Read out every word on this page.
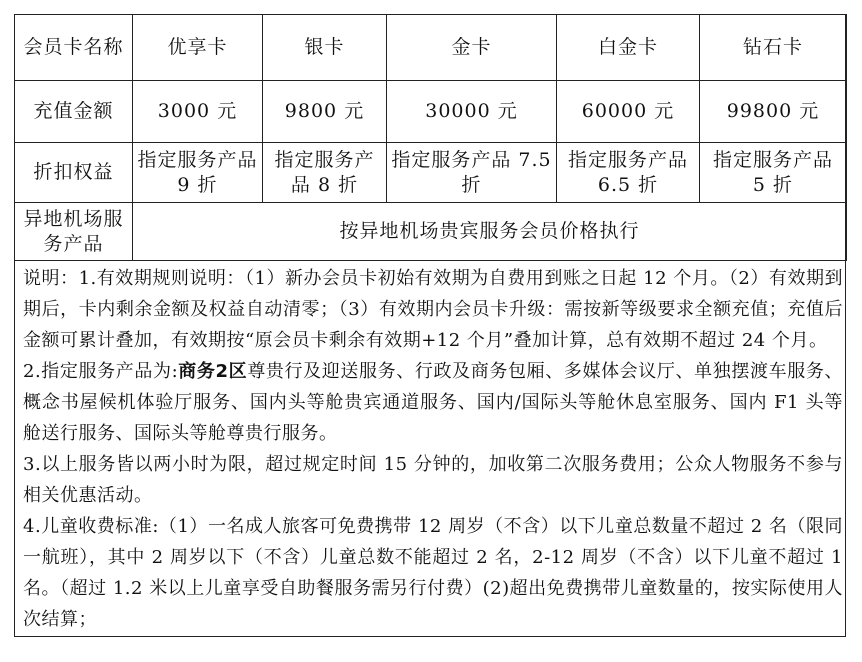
会员卡名称	优享卡	银卡	金卡	白金卡	钻石卡
充值金额	3000 元	9800 元	30000 元	60000 元	99800 元
折扣权益	指定服务产品 9 折	指定服务产品 8 折	指定服务产品 7.5 折	指定服务产品 6.5 折	指定服务产品 5 折
异地机场服务产品	按异地机场贵宾服务会员价格执行				

说明：1.有效期规则说明：（1）新办会员卡初始有效期为自费用到账之日起 12 个月。（2）有效期到期后，卡内剩余金额及权益自动清零；（3）有效期内会员卡升级：需按新等级要求全额充值；充值后金额可累计叠加，有效期按“原会员卡剩余有效期+12 个月”叠加计算，总有效期不超过 24 个月。

2.指定服务产品为:商务2区尊贵行及迎送服务、行政及商务包厢、多媒体会议厅、单独摆渡车服务、概念书屋候机体验厅服务、国内头等舱贵宾通道服务、国内/国际头等舱休息室服务、国内 F1 头等舱送行服务、国际头等舱尊贵行服务。

3.以上服务皆以两小时为限，超过规定时间 15 分钟的，加收第二次服务费用；公众人物服务不参与相关优惠活动。

4.儿童收费标准:（1）一名成人旅客可免费携带 12 周岁（不含）以下儿童总数量不超过 2 名（限同一航班），其中 2 周岁以下（不含）儿童总数不能超过 2 名，2-12 周岁（不含）以下儿童不超过 1 名。（超过 1.2 米以上儿童享受自助餐服务需另行付费）(2)超出免费携带儿童数量的，按实际使用人次结算；
